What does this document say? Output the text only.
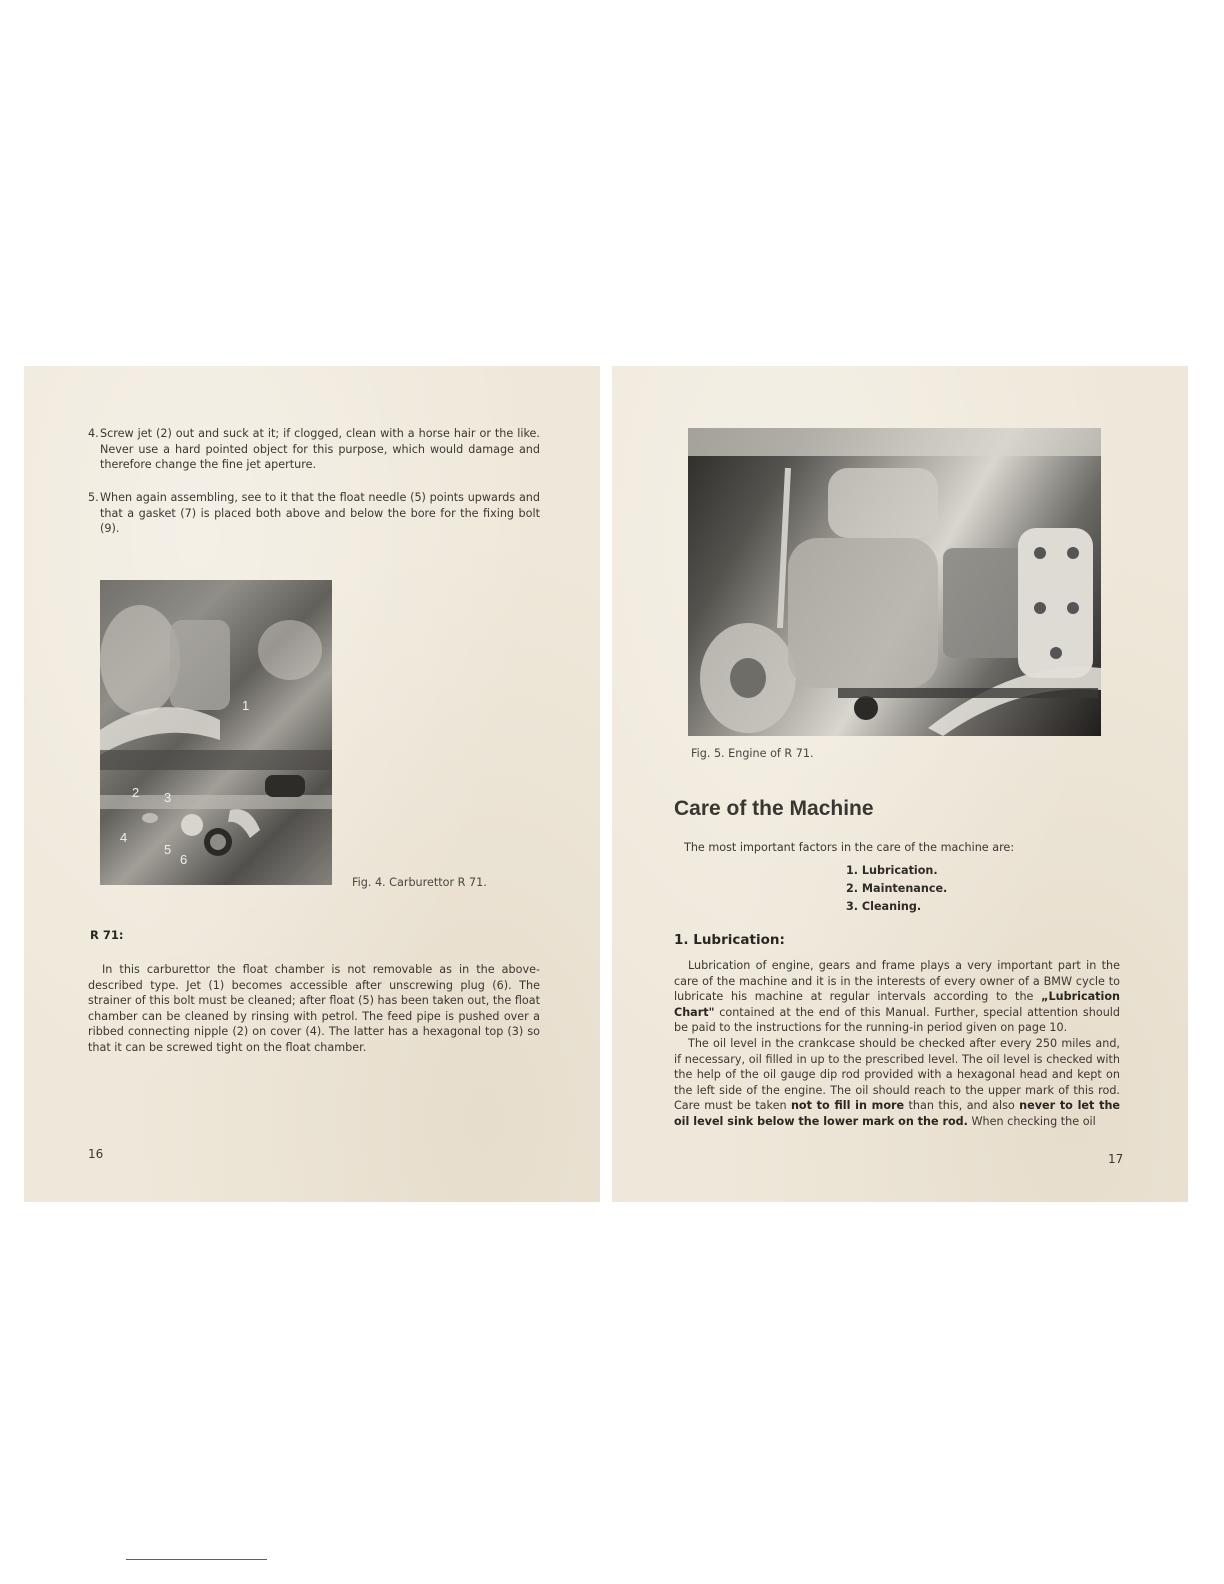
4. Screw jet (2) out and suck at it; if clogged, clean with a horse hair or the like. Never use a hard pointed object for this purpose, which would damage and therefore change the fine jet aperture.
5. When again assembling, see to it that the float needle (5) points upwards and that a gasket (7) is placed both above and below the bore for the fixing bolt (9).
1
2 3
4
5
6

Fig. 4. Carburettor R 71.

R 71:

In this carburettor the float chamber is not removable as in the above-described type. Jet (1) becomes accessible after unscrewing plug (6). The strainer of this bolt must be cleaned; after float (5) has been taken out, the float chamber can be cleaned by rinsing with petrol. The feed pipe is pushed over a ribbed connecting nipple (2) on cover (4). The latter has a hexagonal top (3) so that it can be screwed tight on the float chamber.

16

Fig. 5. Engine of R 71.

Care of the Machine

The most important factors in the care of the machine are:

1. Lubrication.
2. Maintenance.
3. Cleaning.
1. Lubrication:

Lubrication of engine, gears and frame plays a very important part in the care of the machine and it is in the interests of every owner of a BMW cycle to lubricate his machine at regular intervals according to the „Lubrication Chart" contained at the end of this Manual. Further, special attention should be paid to the instructions for the running-in period given on page 10.

The oil level in the crankcase should be checked after every 250 miles and, if necessary, oil filled in up to the prescribed level. The oil level is checked with the help of the oil gauge dip rod provided with a hexagonal head and kept on the left side of the engine. The oil should reach to the upper mark of this rod. Care must be taken not to fill in more than this, and also never to let the oil level sink below the lower mark on the rod. When checking the oil

17
